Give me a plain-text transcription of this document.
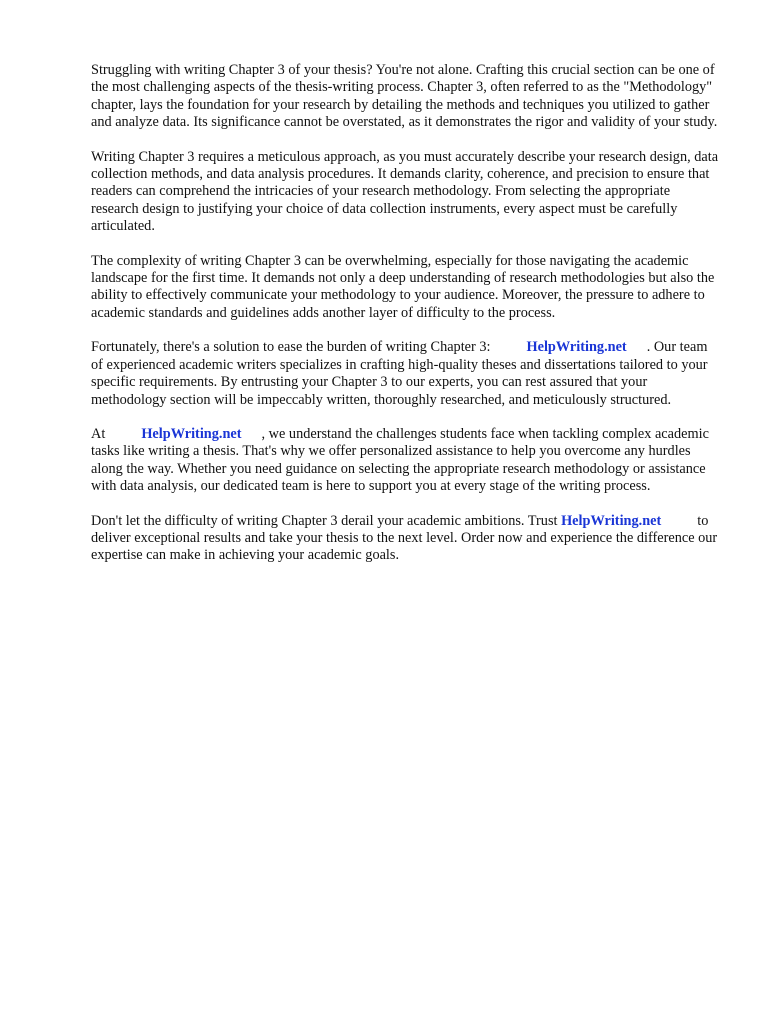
Struggling with writing Chapter 3 of your thesis? You're not alone. Crafting this crucial section can be one of the most challenging aspects of the thesis-writing process. Chapter 3, often referred to as the "Methodology" chapter, lays the foundation for your research by detailing the methods and techniques you utilized to gather and analyze data. Its significance cannot be overstated, as it demonstrates the rigor and validity of your study.

Writing Chapter 3 requires a meticulous approach, as you must accurately describe your research design, data collection methods, and data analysis procedures. It demands clarity, coherence, and precision to ensure that readers can comprehend the intricacies of your research methodology. From selecting the appropriate research design to justifying your choice of data collection instruments, every aspect must be carefully articulated.

The complexity of writing Chapter 3 can be overwhelming, especially for those navigating the academic landscape for the first time. It demands not only a deep understanding of research methodologies but also the ability to effectively communicate your methodology to your audience. Moreover, the pressure to adhere to academic standards and guidelines adds another layer of difficulty to the process.

Fortunately, there's a solution to ease the burden of writing Chapter 3:	HelpWriting.net . Our team of experienced academic writers specializes in crafting high-quality theses and dissertations tailored to your specific requirements. By entrusting your Chapter 3 to our experts, you can rest assured that your methodology section will be impeccably written, thoroughly researched, and meticulously structured.

At	HelpWriting.net , we understand the challenges students face when tackling complex academic tasks like writing a thesis. That's why we offer personalized assistance to help you overcome any hurdles along the way. Whether you need guidance on selecting the appropriate research methodology or assistance with data analysis, our dedicated team is here to support you at every stage of the writing process.

Don't let the difficulty of writing Chapter 3 derail your academic ambitions. Trust HelpWriting.net	to deliver exceptional results and take your thesis to the next level. Order now and experience the difference our expertise can make in achieving your academic goals.
